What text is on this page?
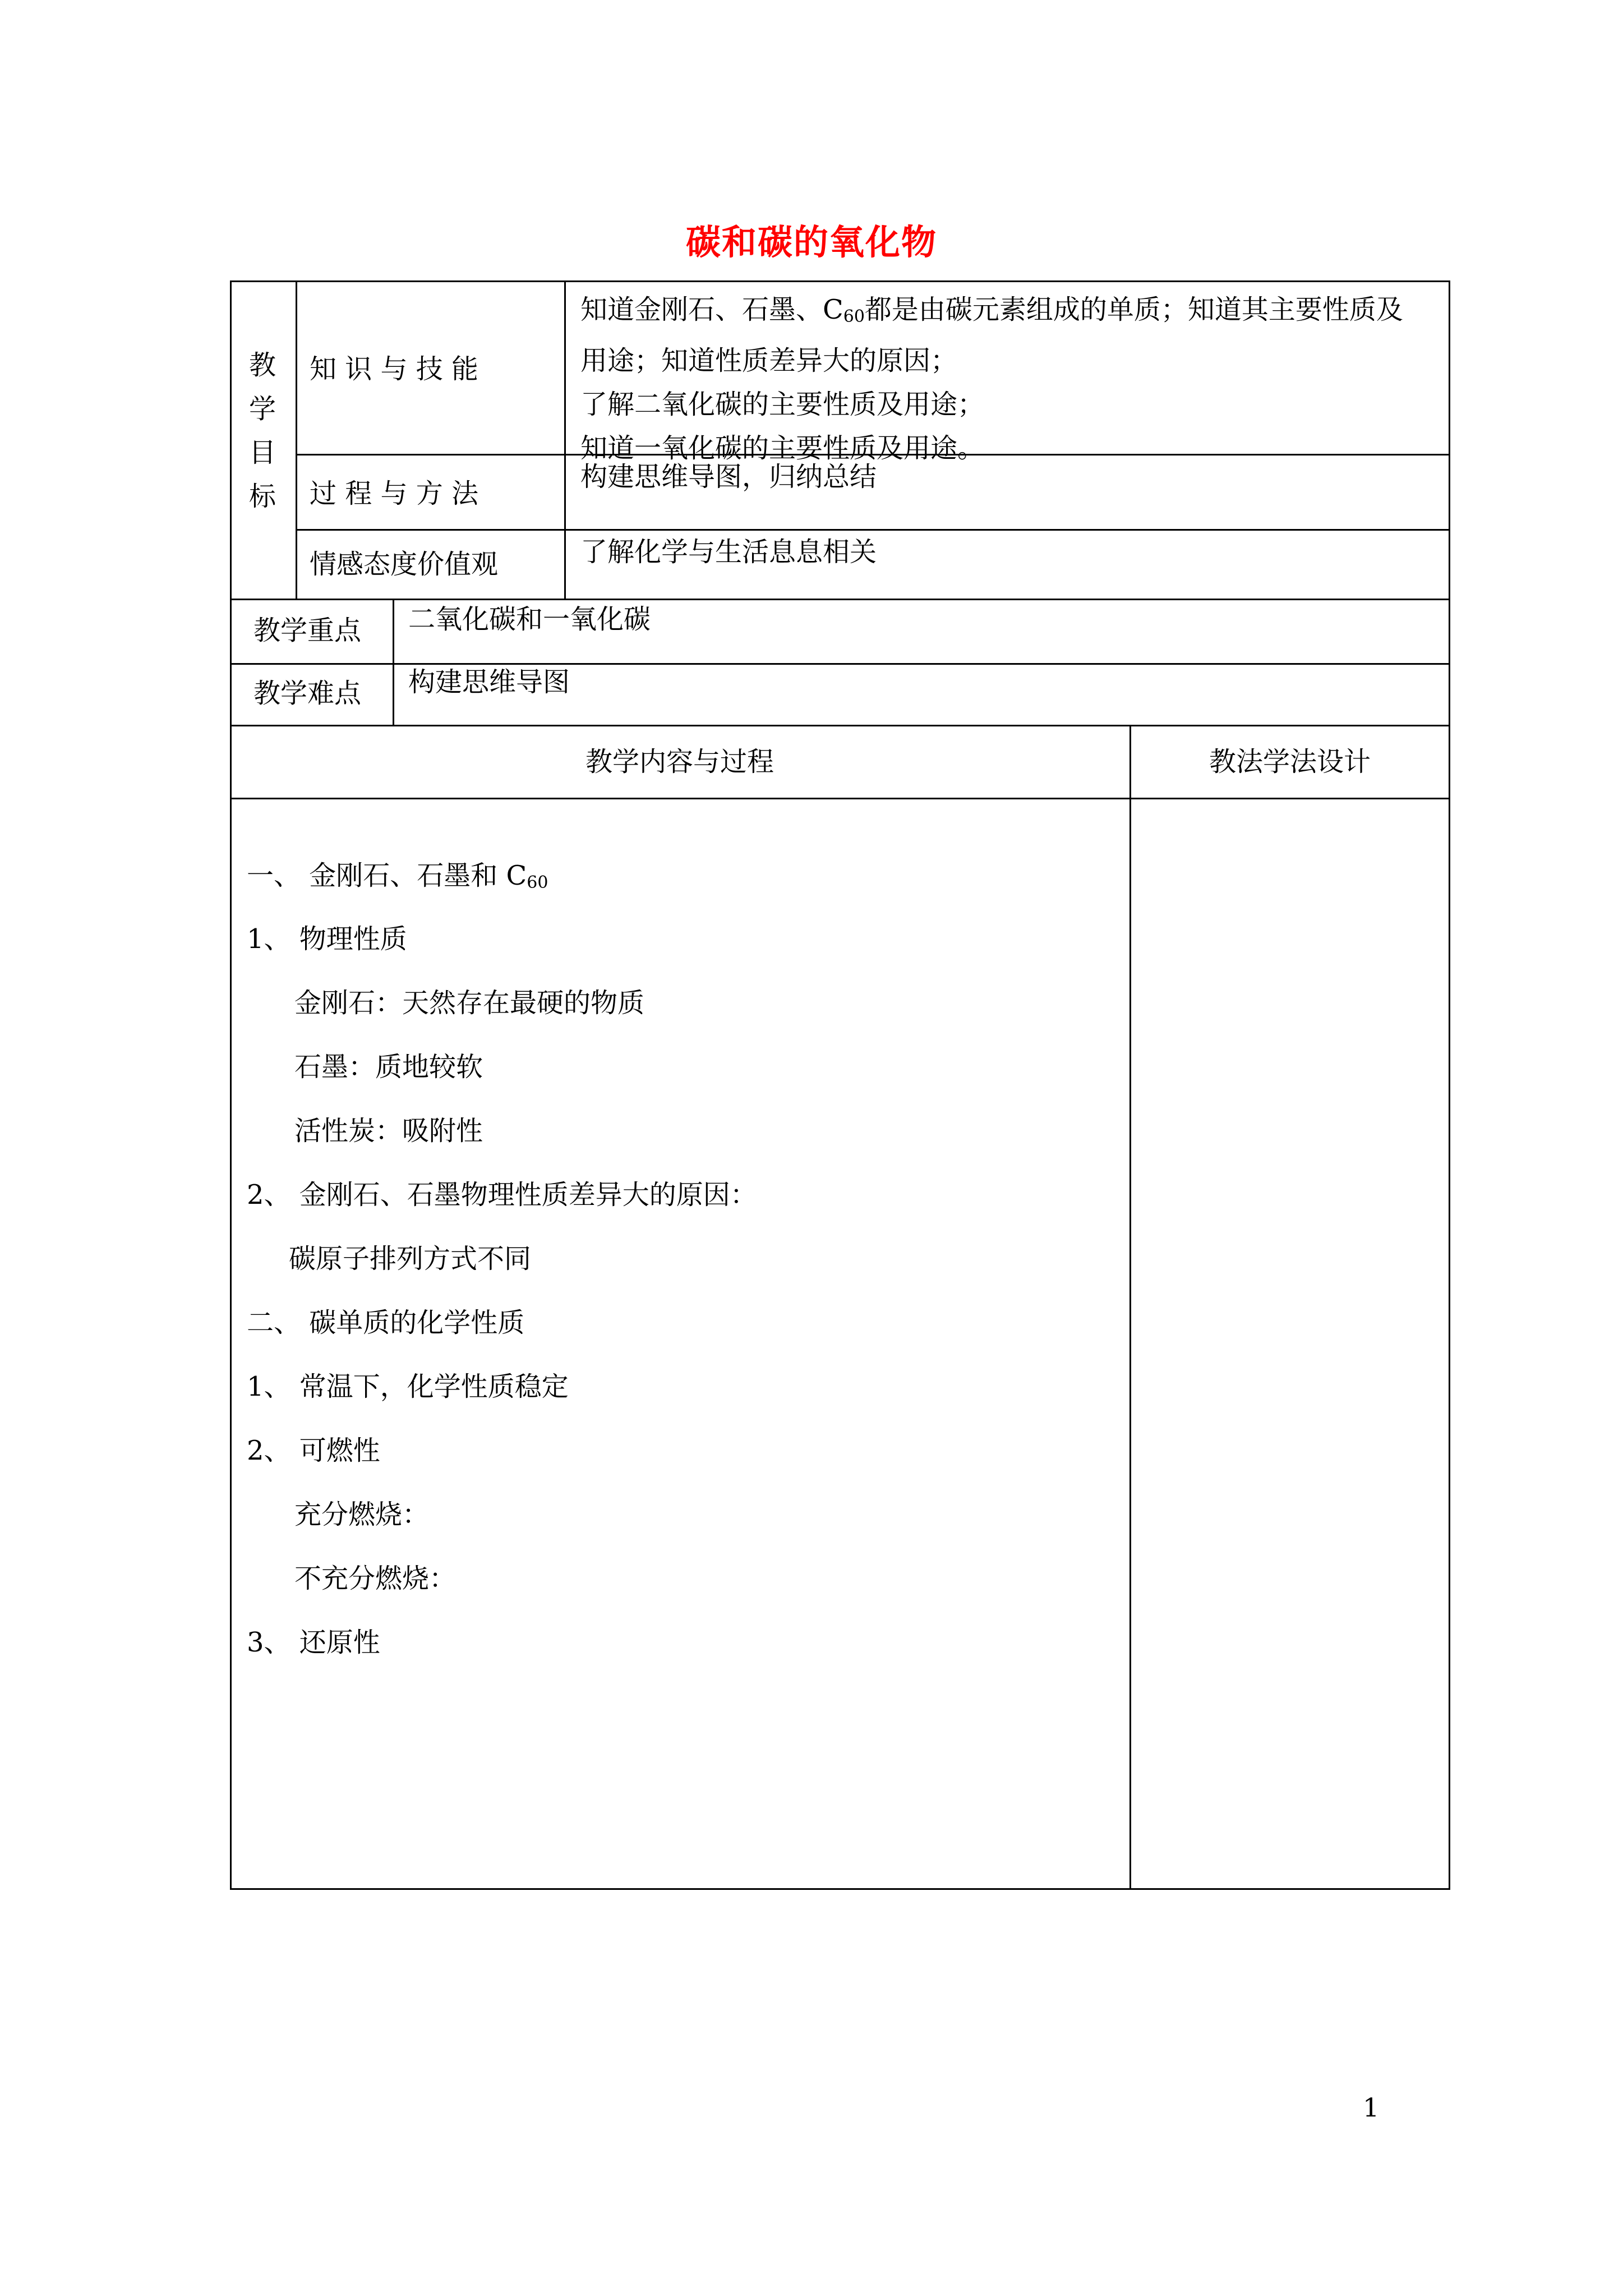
碳和碳的氧化物
教
学
目
标
知 识 与 技 能
知道金刚石、石墨、$C_{60}$都是由碳元素组成的单质；知道其主要性质及
用途；知道性质差异大的原因；
了解二氧化碳的主要性质及用途；
知道一氧化碳的主要性质及用途。
过 程 与 方 法
构建思维导图，归纳总结
情感态度价值观	了解化学与生活息息相关
教学重点 二氧化碳和一氧化碳
教学难点 构建思维导图
教学内容与过程	教法学法设计
一、 金刚石、石墨和 $C_{60}$
1、 物理性质
金刚石：天然存在最硬的物质
石墨：质地较软
活性炭：吸附性
2、 金刚石、石墨物理性质差异大的原因：
碳原子排列方式不同
二、 碳单质的化学性质
1、 常温下，化学性质稳定
2、 可燃性
充分燃烧：
不充分燃烧：
3、 还原性
1
